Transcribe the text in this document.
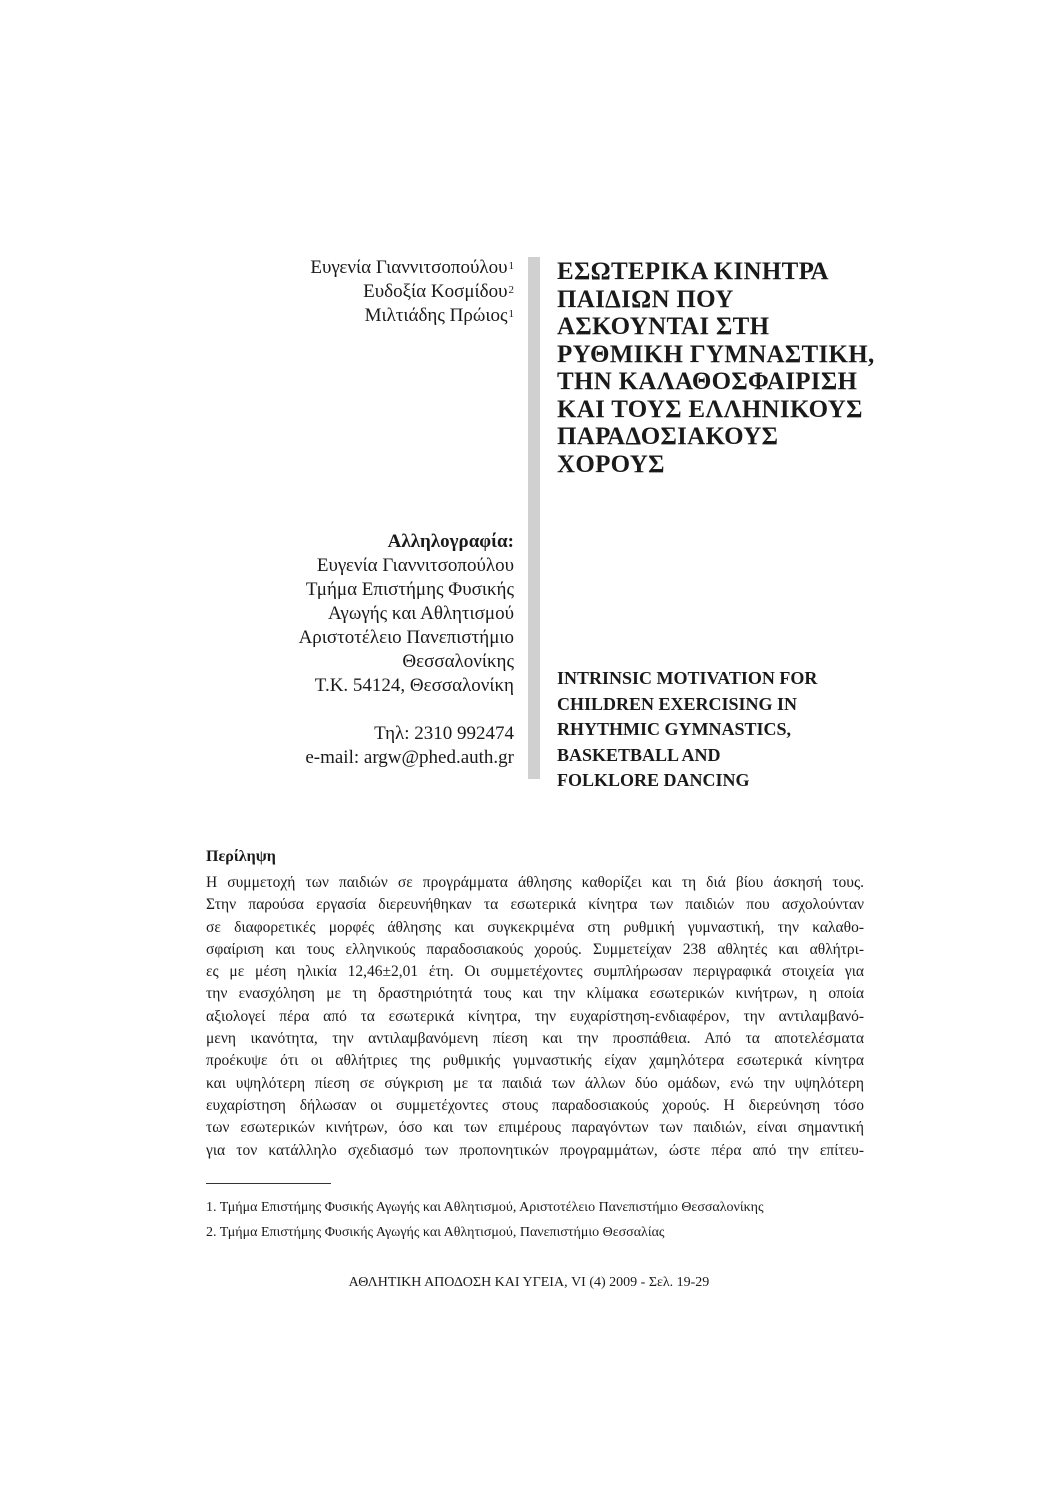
Ευγενία Γιαννιτσοπούλου$^1$
Ευδοξία Κοσμίδου$^2$
Μιλτιάδης Πρώιος$^1$
Αλληλογραφία:
Ευγενία Γιαννιτσοπούλου
Τμήμα Επιστήμης Φυσικής
Αγωγής και Αθλητισμού
Αριστοτέλειο Πανεπιστήμιο
Θεσσαλονίκης
Τ.Κ. 54124, Θεσσαλονίκη
Τηλ: 2310 992474
e-mail: argw@phed.auth.gr
ΕΣΩΤΕΡΙΚΑ ΚΙΝΗΤΡΑ
ΠΑΙΔΙΩΝ ΠΟΥ
ΑΣΚΟΥΝΤΑΙ ΣΤΗ
ΡΥΘΜΙΚΗ ΓΥΜΝΑΣΤΙΚΗ,
ΤΗΝ ΚΑΛΑΘΟΣΦΑΙΡΙΣΗ
ΚΑΙ ΤΟΥΣ ΕΛΛΗΝΙΚΟΥΣ
ΠΑΡΑΔΟΣΙΑΚΟΥΣ
ΧΟΡΟΥΣ
INTRINSIC MOTIVATION FOR
CHILDREN EXERCISING IN
RHYTHMIC GYMNASTICS,
BASKETBALL AND
FOLKLORE DANCING
Περίληψη
Η συμμετοχή των παιδιών σε προγράμματα άθλησης καθορίζει και τη διά βίου άσκησή τους.
Στην παρούσα εργασία διερευνήθηκαν τα εσωτερικά κίνητρα των παιδιών που ασχολούνταν
σε διαφορετικές μορφές άθλησης και συγκεκριμένα στη ρυθμική γυμναστική, την καλαθο-
σφαίριση και τους ελληνικούς παραδοσιακούς χορούς. Συμμετείχαν 238 αθλητές και αθλήτρι-
ες με μέση ηλικία 12,46±2,01 έτη. Οι συμμετέχοντες συμπλήρωσαν περιγραφικά στοιχεία για
την ενασχόληση με τη δραστηριότητά τους και την κλίμακα εσωτερικών κινήτρων, η οποία
αξιολογεί πέρα από τα εσωτερικά κίνητρα, την ευχαρίστηση-ενδιαφέρον, την αντιλαμβανό-
μενη ικανότητα, την αντιλαμβανόμενη πίεση και την προσπάθεια. Από τα αποτελέσματα
προέκυψε ότι οι αθλήτριες της ρυθμικής γυμναστικής είχαν χαμηλότερα εσωτερικά κίνητρα
και υψηλότερη πίεση σε σύγκριση με τα παιδιά των άλλων δύο ομάδων, ενώ την υψηλότερη
ευχαρίστηση δήλωσαν οι συμμετέχοντες στους παραδοσιακούς χορούς. Η διερεύνηση τόσο
των εσωτερικών κινήτρων, όσο και των επιμέρους παραγόντων των παιδιών, είναι σημαντική
για τον κατάλληλο σχεδιασμό των προπονητικών προγραμμάτων, ώστε πέρα από την επίτευ-
1. Τμήμα Επιστήμης Φυσικής Αγωγής και Αθλητισμού, Αριστοτέλειο Πανεπιστήμιο Θεσσαλονίκης
2. Τμήμα Επιστήμης Φυσικής Αγωγής και Αθλητισμού, Πανεπιστήμιο Θεσσαλίας
ΑΘΛΗΤΙΚΗ ΑΠΟΔΟΣΗ ΚΑΙ ΥΓΕΙΑ, VI (4) 2009 - Σελ. 19-29
